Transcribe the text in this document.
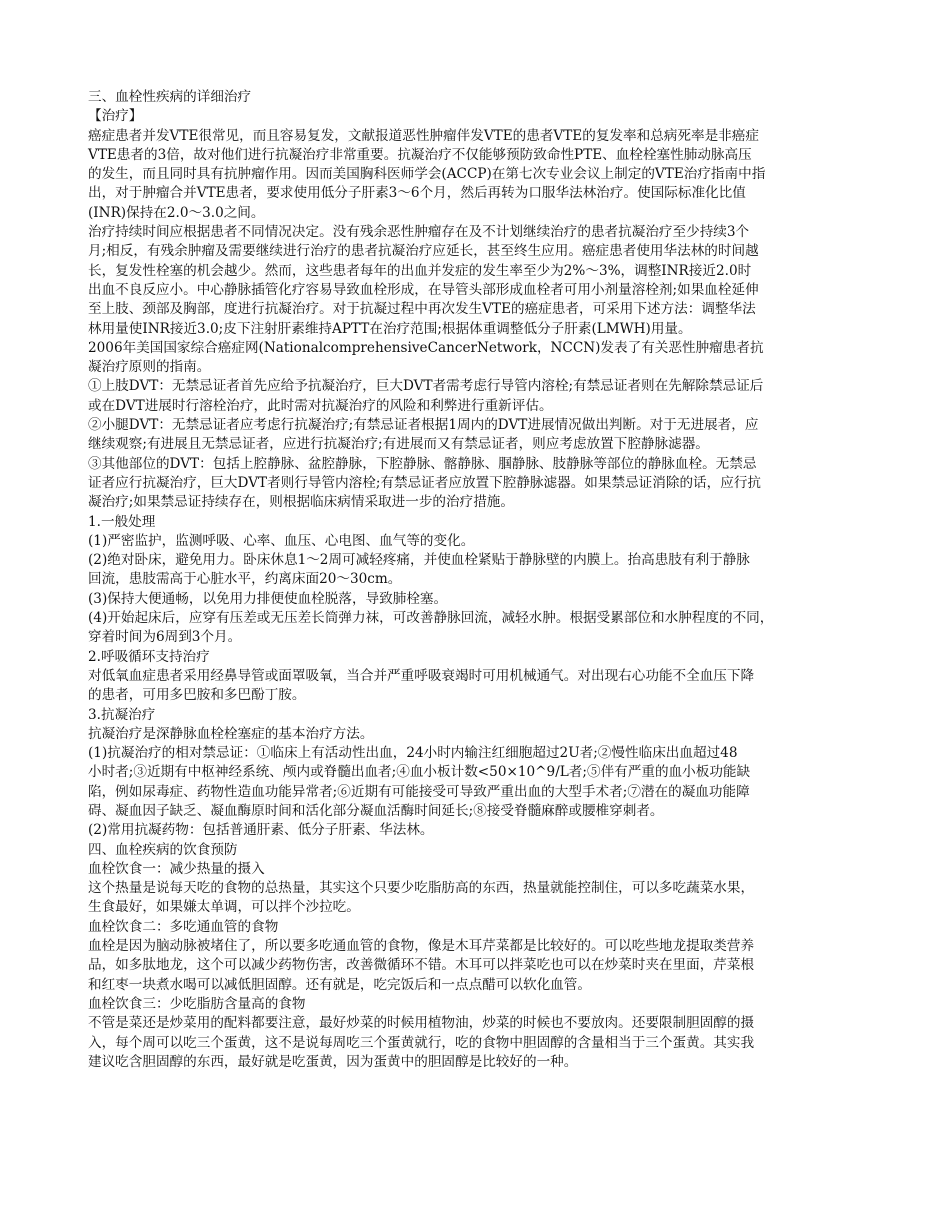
三、血栓性疾病的详细治疗
【治疗】
癌症患者并发VTE很常见，而且容易复发，文献报道恶性肿瘤伴发VTE的患者VTE的复发率和总病死率是非癌症
VTE患者的3倍，故对他们进行抗凝治疗非常重要。抗凝治疗不仅能够预防致命性PTE、血栓栓塞性肺动脉高压
的发生，而且同时具有抗肿瘤作用。因而美国胸科医师学会(ACCP)在第七次专业会议上制定的VTE治疗指南中指
出，对于肿瘤合并VTE患者，要求使用低分子肝素3～6个月，然后再转为口服华法林治疗。使国际标准化比值
(INR)保持在2.0～3.0之间。
治疗持续时间应根据患者不同情况决定。没有残余恶性肿瘤存在及不计划继续治疗的患者抗凝治疗至少持续3个
月;相反，有残余肿瘤及需要继续进行治疗的患者抗凝治疗应延长，甚至终生应用。癌症患者使用华法林的时间越
长，复发性栓塞的机会越少。然而，这些患者每年的出血并发症的发生率至少为2%～3%，调整INR接近2.0时
出血不良反应小。中心静脉插管化疗容易导致血栓形成，在导管头部形成血栓者可用小剂量溶栓剂;如果血栓延伸
至上肢、颈部及胸部，度进行抗凝治疗。对于抗凝过程中再次发生VTE的癌症患者，可采用下述方法：调整华法
林用量使INR接近3.0;皮下注射肝素维持APTT在治疗范围;根据体重调整低分子肝素(LMWH)用量。
2006年美国国家综合癌症网(NationalcomprehensiveCancerNetwork，NCCN)发表了有关恶性肿瘤患者抗
凝治疗原则的指南。
①上肢DVT：无禁忌证者首先应给予抗凝治疗，巨大DVT者需考虑行导管内溶栓;有禁忌证者则在先解除禁忌证后
或在DVT进展时行溶栓治疗，此时需对抗凝治疗的风险和利弊进行重新评估。
②小腿DVT：无禁忌证者应考虑行抗凝治疗;有禁忌证者根据1周内的DVT进展情况做出判断。对于无进展者，应
继续观察;有进展且无禁忌证者，应进行抗凝治疗;有进展而又有禁忌证者，则应考虑放置下腔静脉滤器。
③其他部位的DVT：包括上腔静脉、盆腔静脉，下腔静脉、髂静脉、腘静脉、肢静脉等部位的静脉血栓。无禁忌
证者应行抗凝治疗，巨大DVT者则行导管内溶栓;有禁忌证者应放置下腔静脉滤器。如果禁忌证消除的话，应行抗
凝治疗;如果禁忌证持续存在，则根据临床病情采取进一步的治疗措施。
1.一般处理
(1)严密监护，监测呼吸、心率、血压、心电图、血气等的变化。
(2)绝对卧床，避免用力。卧床休息1～2周可减轻疼痛，并使血栓紧贴于静脉壁的内膜上。抬高患肢有利于静脉
回流，患肢需高于心脏水平，约离床面20～30cm。
(3)保持大便通畅，以免用力排便使血栓脱落，导致肺栓塞。
(4)开始起床后，应穿有压差或无压差长筒弹力袜，可改善静脉回流，减轻水肿。根据受累部位和水肿程度的不同，
穿着时间为6周到3个月。
2.呼吸循环支持治疗
对低氧血症患者采用经鼻导管或面罩吸氧，当合并严重呼吸衰竭时可用机械通气。对出现右心功能不全血压下降
的患者，可用多巴胺和多巴酚丁胺。
3.抗凝治疗
抗凝治疗是深静脉血栓栓塞症的基本治疗方法。
(1)抗凝治疗的相对禁忌证：①临床上有活动性出血，24小时内输注红细胞超过2U者;②慢性临床出血超过48
小时者;③近期有中枢神经系统、颅内或脊髓出血者;④血小板计数<50×10^9/L者;⑤伴有严重的血小板功能缺
陷，例如尿毒症、药物性造血功能异常者;⑥近期有可能接受可导致严重出血的大型手术者;⑦潜在的凝血功能障
碍、凝血因子缺乏、凝血酶原时间和活化部分凝血活酶时间延长;⑧接受脊髓麻醉或腰椎穿刺者。
(2)常用抗凝药物：包括普通肝素、低分子肝素、华法林。
四、血栓疾病的饮食预防
血栓饮食一：减少热量的摄入
这个热量是说每天吃的食物的总热量，其实这个只要少吃脂肪高的东西，热量就能控制住，可以多吃蔬菜水果，
生食最好，如果嫌太单调，可以拌个沙拉吃。
血栓饮食二：多吃通血管的食物
血栓是因为脑动脉被堵住了，所以要多吃通血管的食物，像是木耳芹菜都是比较好的。可以吃些地龙提取类营养
品，如多肽地龙，这个可以减少药物伤害，改善微循环不错。木耳可以拌菜吃也可以在炒菜时夹在里面，芹菜根
和红枣一块煮水喝可以减低胆固醇。还有就是，吃完饭后和一点点醋可以软化血管。
血栓饮食三：少吃脂肪含量高的食物
不管是菜还是炒菜用的配料都要注意，最好炒菜的时候用植物油，炒菜的时候也不要放肉。还要限制胆固醇的摄
入，每个周可以吃三个蛋黄，这不是说每周吃三个蛋黄就行，吃的食物中胆固醇的含量相当于三个蛋黄。其实我
建议吃含胆固醇的东西，最好就是吃蛋黄，因为蛋黄中的胆固醇是比较好的一种。
